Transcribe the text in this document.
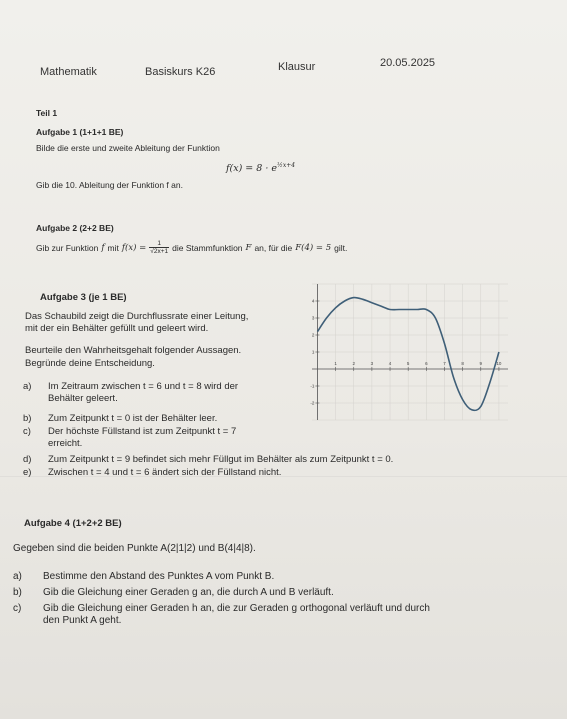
Mathematik	Basiskurs K26	Klausur	20.05.2025
Teil 1
Aufgabe 1 (1+1+1 BE)
Bilde die erste und zweite Ableitung der Funktion
$f(x) = 8 \cdot e^{\frac{1}{2}x+4}$
Gib die 10. Ableitung der Funktion f an.
Aufgabe 2 (2+2 BE)
Gib zur Funktion f mit $f(x) = \frac{1}{√2x+1}$ die Stammfunktion F an, für die F(4) = 5 gilt.
Aufgabe 3 (je 1 BE)
Das Schaubild zeigt die Durchflussrate einer Leitung,
mit der ein Behälter gefüllt und geleert wird.
Beurteile den Wahrheitsgehalt folgender Aussagen.
Begründe deine Entscheidung.
a) Im Zeitraum zwischen t = 6 und t = 8 wird der
Behälter geleert.
b) Zum Zeitpunkt t = 0 ist der Behälter leer.
c) Der höchste Füllstand ist zum Zeitpunkt t = 7
erreicht.
d) Zum Zeitpunkt t = 9 befindet sich mehr Füllgut im Behälter als zum Zeitpunkt t = 0.
e) Zwischen t = 4 und t = 6 ändert sich der Füllstand nicht.
1	2	3	4	5	6	7	8	9	10
4
3
2
1
-1
-2
Aufgabe 4 (1+2+2 BE)
Gegeben sind die beiden Punkte A(2|1|2) und B(4|4|8).
a) Bestimme den Abstand des Punktes A vom Punkt B.
b) Gib die Gleichung einer Geraden g an, die durch A und B verläuft.
c) Gib die Gleichung einer Geraden h an, die zur Geraden g orthogonal verläuft und durch
den Punkt A geht.
